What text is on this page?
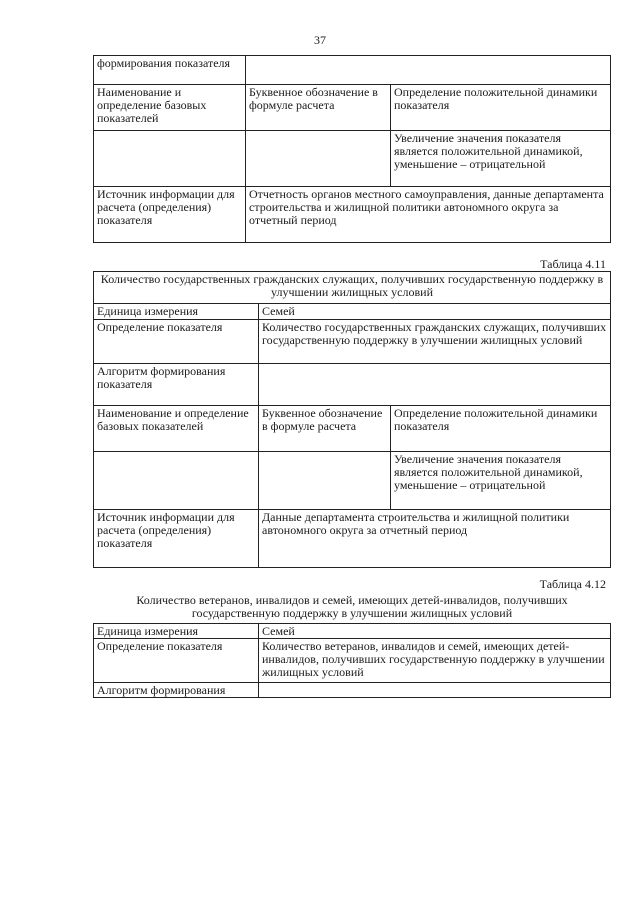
37
формирования показателя		
Наименование и определение базовых показателей	Буквенное обозначение в формуле расчета	Определение положительной динамики показателя
		Увеличение значения показателя является положительной динамикой, уменьшение – отрицательной
Источник информации для расчета (определения) показателя	Отчетность органов местного самоуправления, данные департамента строительства и жилищной политики автономного округа за отчетный период	
Таблица 4.11
Количество государственных гражданских служащих, получивших государственную поддержку в улучшении жилищных условий		
Единица измерения	Семей	
Определение показателя	Количество государственных гражданских служащих, получивших государственную поддержку в улучшении жилищных условий	
Алгоритм формирования показателя		
Наименование и определение базовых показателей	Буквенное обозначение в формуле расчета	Определение положительной динамики показателя
		Увеличение значения показателя является положительной динамикой, уменьшение – отрицательной
Источник информации для расчета (определения) показателя	Данные департамента строительства и жилищной политики автономного округа за отчетный период	
Таблица 4.12
Количество ветеранов, инвалидов и семей, имеющих детей-инвалидов, получивших государственную поддержку в улучшении жилищных условий	
Единица измерения	Семей
Определение показателя	Количество ветеранов, инвалидов и семей, имеющих детей-инвалидов, получивших государственную поддержку в улучшении жилищных условий
Алгоритм формирования	
